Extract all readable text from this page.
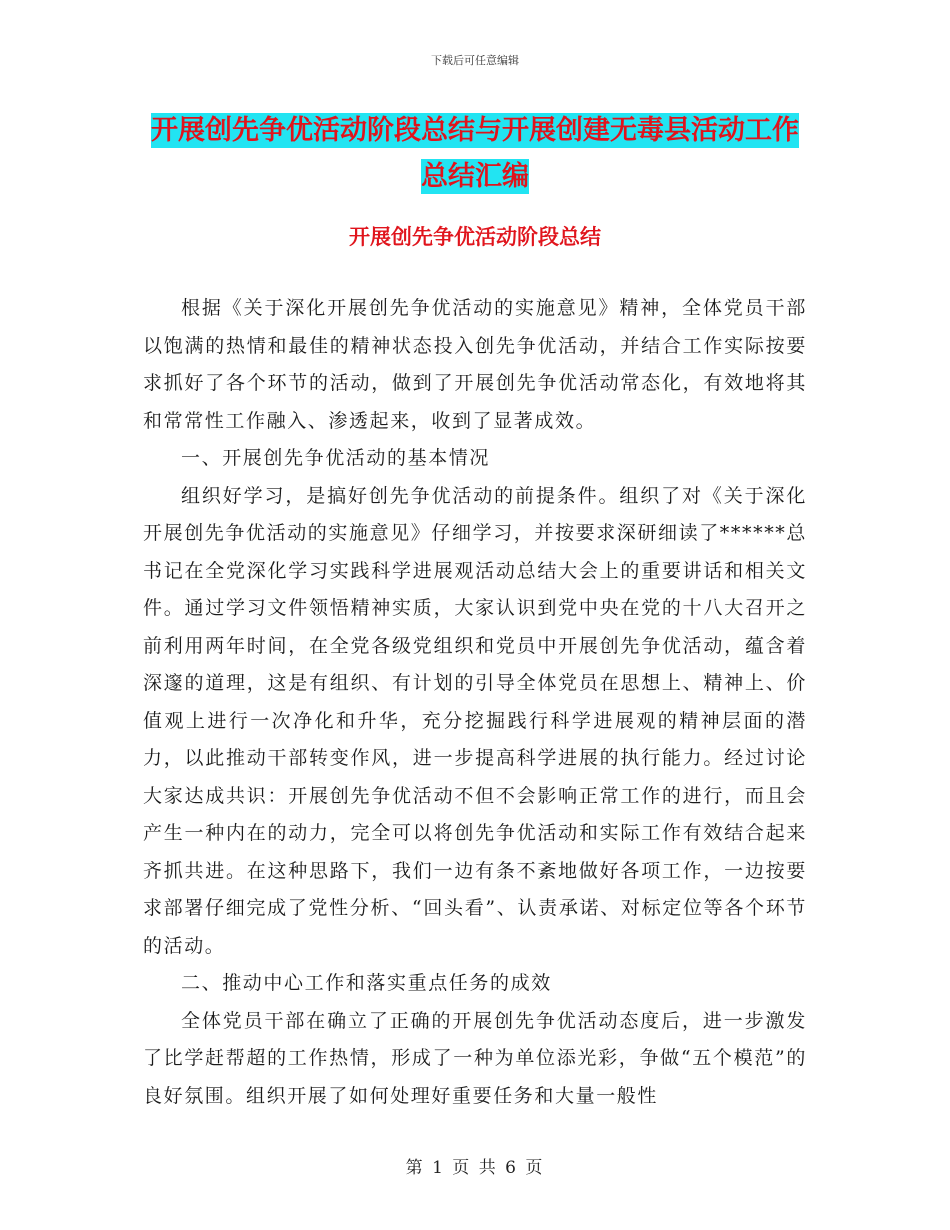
下载后可任意编辑
开展创先争优活动阶段总结与开展创建无毒县活动工作总结汇编
开展创先争优活动阶段总结

根据《关于深化开展创先争优活动的实施意见》精神，全体党员干部以饱满的热情和最佳的精神状态投入创先争优活动，并结合工作实际按要求抓好了各个环节的活动，做到了开展创先争优活动常态化，有效地将其和常常性工作融入、渗透起来，收到了显著成效。

一、开展创先争优活动的基本情况

组织好学习，是搞好创先争优活动的前提条件。组织了对《关于深化开展创先争优活动的实施意见》仔细学习，并按要求深研细读了******总书记在全党深化学习实践科学进展观活动总结大会上的重要讲话和相关文件。通过学习文件领悟精神实质，大家认识到党中央在党的十八大召开之前利用两年时间，在全党各级党组织和党员中开展创先争优活动，蕴含着深邃的道理，这是有组织、有计划的引导全体党员在思想上、精神上、价值观上进行一次净化和升华，充分挖掘践行科学进展观的精神层面的潜力，以此推动干部转变作风，进一步提高科学进展的执行能力。经过讨论大家达成共识：开展创先争优活动不但不会影响正常工作的进行，而且会产生一种内在的动力，完全可以将创先争优活动和实际工作有效结合起来齐抓共进。在这种思路下，我们一边有条不紊地做好各项工作，一边按要求部署仔细完成了党性分析、“回头看”、认责承诺、对标定位等各个环节的活动。

二、推动中心工作和落实重点任务的成效

全体党员干部在确立了正确的开展创先争优活动态度后，进一步激发了比学赶帮超的工作热情，形成了一种为单位添光彩，争做“五个模范”的良好氛围。组织开展了如何处理好重要任务和大量一般性

第 1 页 共 6 页
